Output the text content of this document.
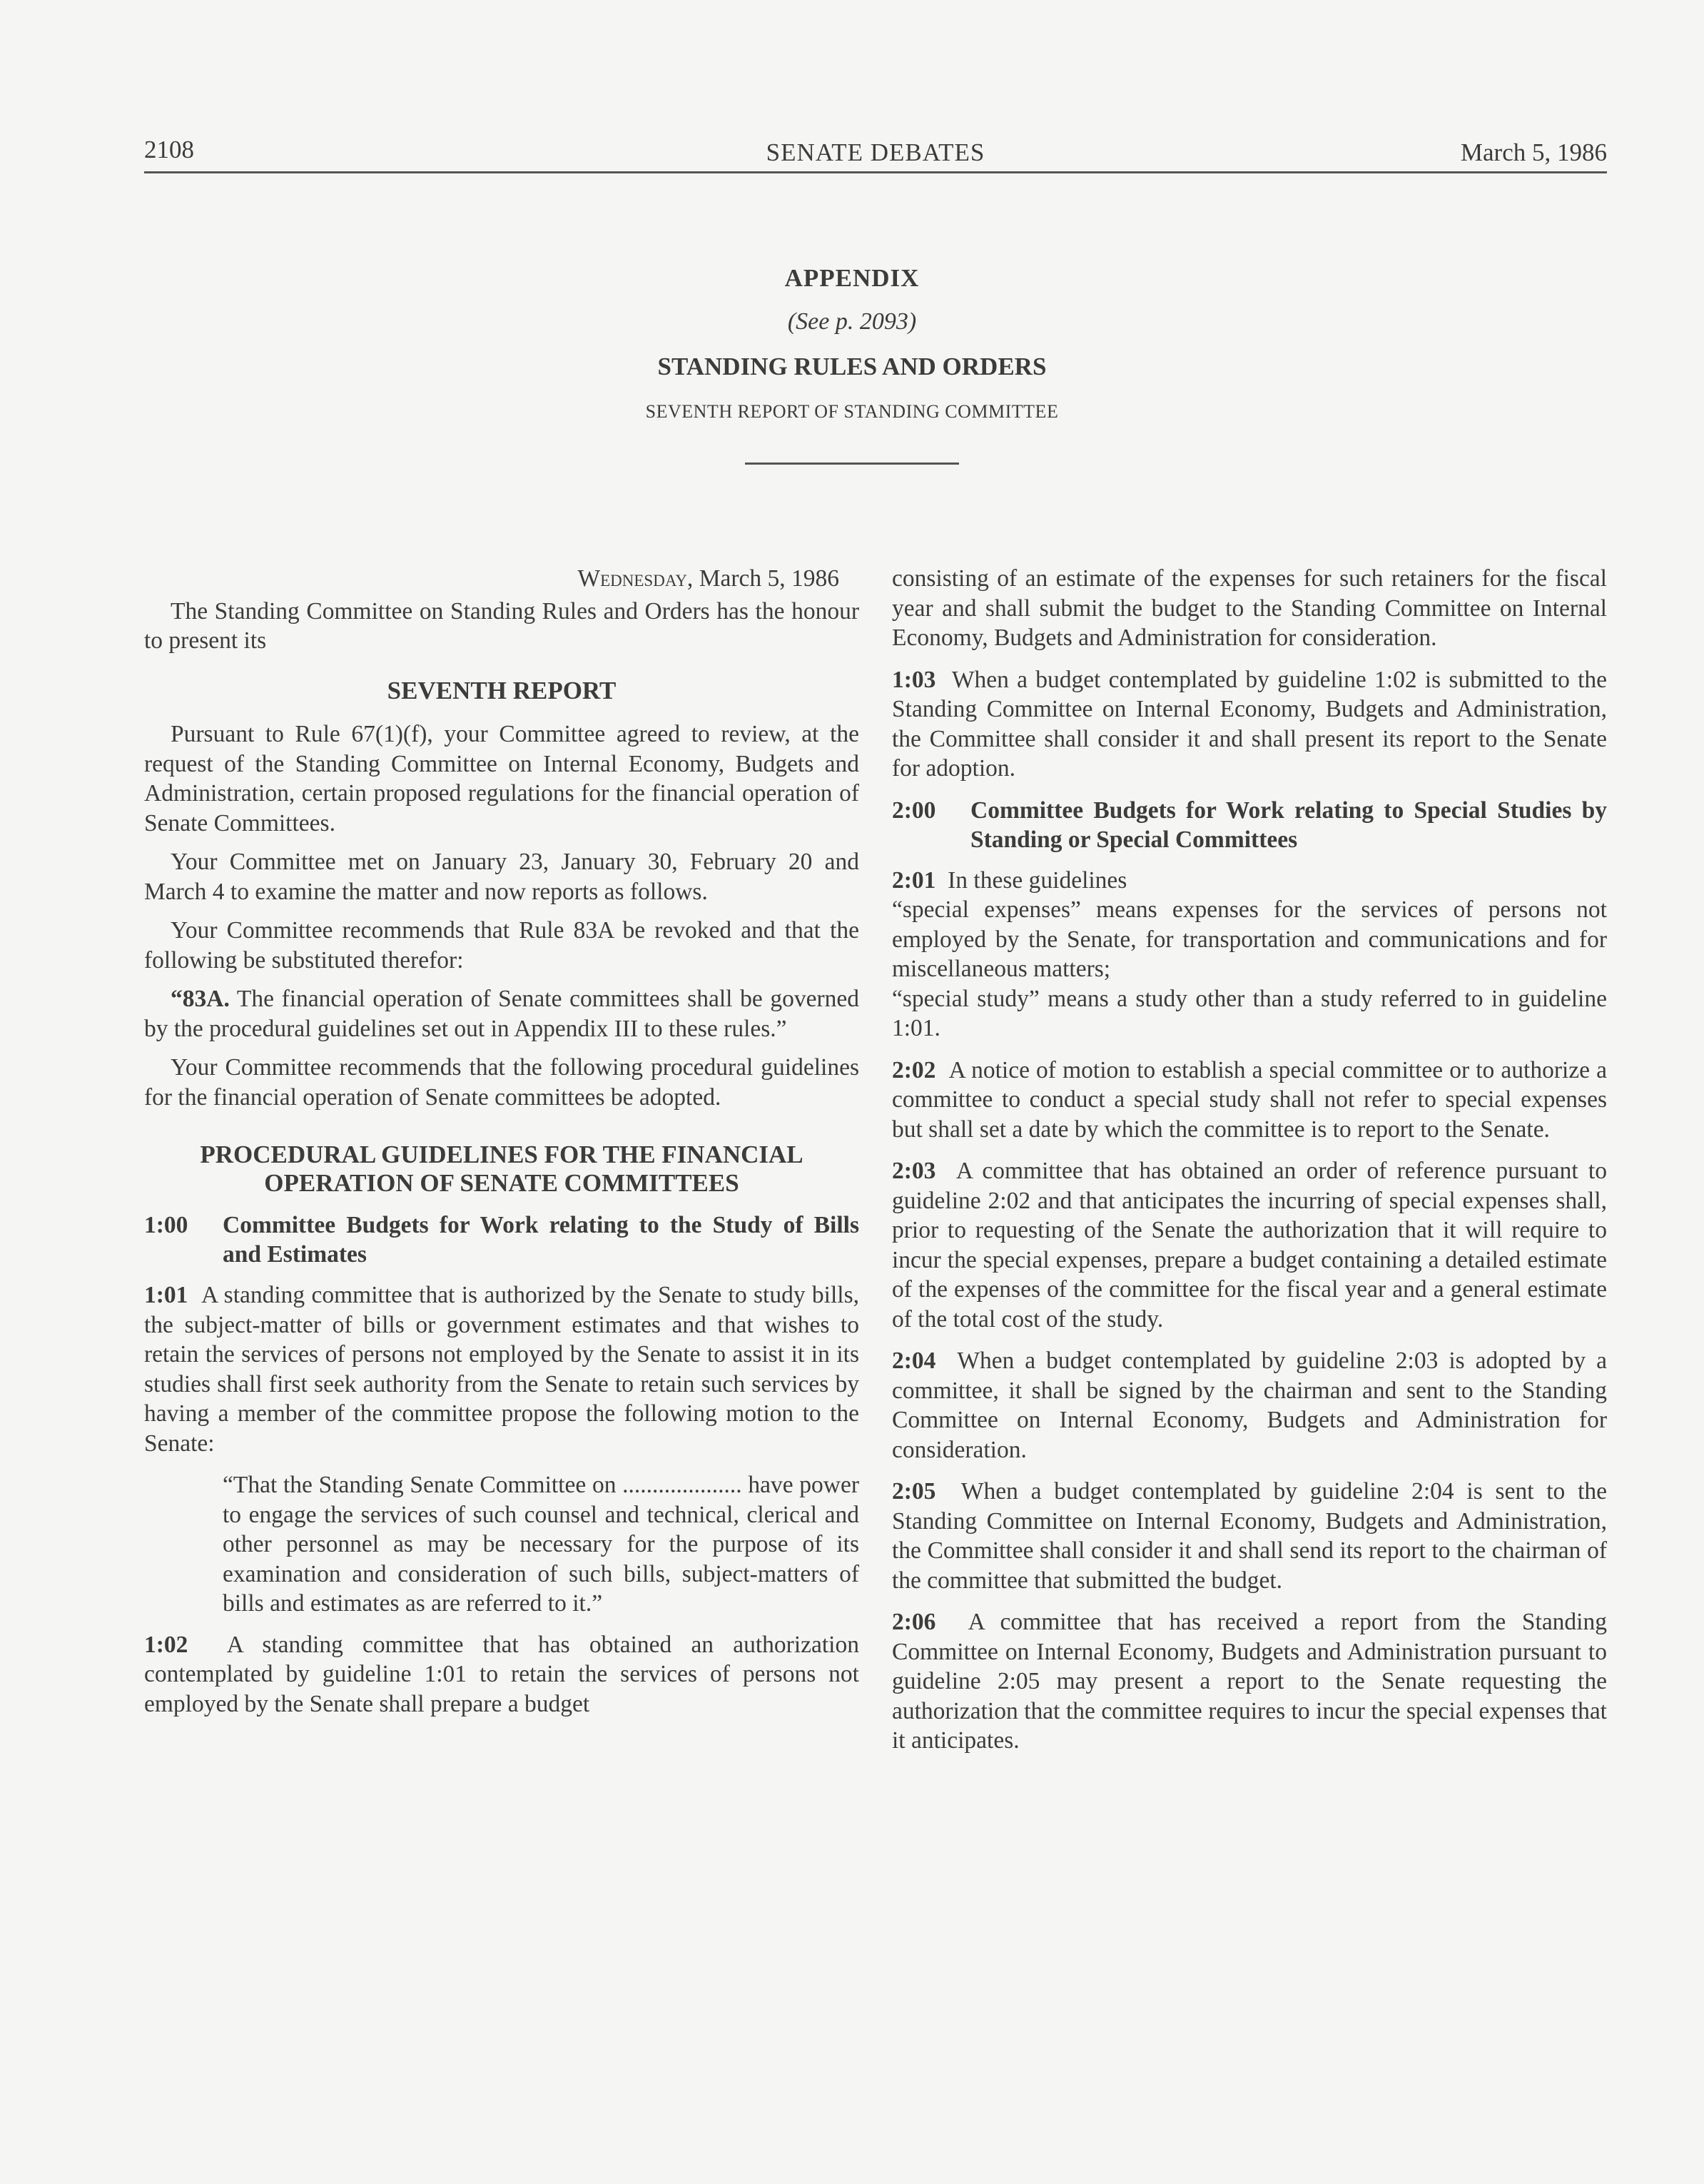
2108	SENATE DEBATES	March 5, 1986
APPENDIX
(See p. 2093)
STANDING RULES AND ORDERS
SEVENTH REPORT OF STANDING COMMITTEE

Wednesday, March 5, 1986

The Standing Committee on Standing Rules and Orders has the honour to present its

SEVENTH REPORT

Pursuant to Rule 67(1)(f), your Committee agreed to review, at the request of the Standing Committee on Internal Economy, Budgets and Administration, certain proposed regulations for the financial operation of Senate Committees.

Your Committee met on January 23, January 30, February 20 and March 4 to examine the matter and now reports as follows.

Your Committee recommends that Rule 83A be revoked and that the following be substituted therefor:

“83A. The financial operation of Senate committees shall be governed by the procedural guidelines set out in Appendix III to these rules.”

Your Committee recommends that the following procedural guidelines for the financial operation of Senate committees be adopted.

PROCEDURAL GUIDELINES FOR THE FINANCIAL
OPERATION OF SENATE COMMITTEES
1:00	Committee Budgets for Work relating to the Study of Bills and Estimates

1:01 A standing committee that is authorized by the Senate to study bills, the subject-matter of bills or government estimates and that wishes to retain the services of persons not employed by the Senate to assist it in its studies shall first seek authority from the Senate to retain such services by having a member of the committee propose the following motion to the Senate:

“That the Standing Senate Committee on .................... have power to engage the services of such counsel and technical, clerical and other personnel as may be necessary for the purpose of its examination and consideration of such bills, subject-matters of bills and estimates as are referred to it.”

1:02 A standing committee that has obtained an authorization contemplated by guideline 1:01 to retain the services of persons not employed by the Senate shall prepare a budget

consisting of an estimate of the expenses for such retainers for the fiscal year and shall submit the budget to the Standing Committee on Internal Economy, Budgets and Administration for consideration.

1:03 When a budget contemplated by guideline 1:02 is submitted to the Standing Committee on Internal Economy, Budgets and Administration, the Committee shall consider it and shall present its report to the Senate for adoption.

2:00	Committee Budgets for Work relating to Special Studies by Standing or Special Committees

2:01 In these guidelines

“special expenses” means expenses for the services of persons not employed by the Senate, for transportation and communications and for miscellaneous matters;

“special study” means a study other than a study referred to in guideline 1:01.

2:02 A notice of motion to establish a special committee or to authorize a committee to conduct a special study shall not refer to special expenses but shall set a date by which the committee is to report to the Senate.

2:03 A committee that has obtained an order of reference pursuant to guideline 2:02 and that anticipates the incurring of special expenses shall, prior to requesting of the Senate the authorization that it will require to incur the special expenses, prepare a budget containing a detailed estimate of the expenses of the committee for the fiscal year and a general estimate of the total cost of the study.

2:04 When a budget contemplated by guideline 2:03 is adopted by a committee, it shall be signed by the chairman and sent to the Standing Committee on Internal Economy, Budgets and Administration for consideration.

2:05 When a budget contemplated by guideline 2:04 is sent to the Standing Committee on Internal Economy, Budgets and Administration, the Committee shall consider it and shall send its report to the chairman of the committee that submitted the budget.

2:06 A committee that has received a report from the Standing Committee on Internal Economy, Budgets and Administration pursuant to guideline 2:05 may present a report to the Senate requesting the authorization that the committee requires to incur the special expenses that it anticipates.
